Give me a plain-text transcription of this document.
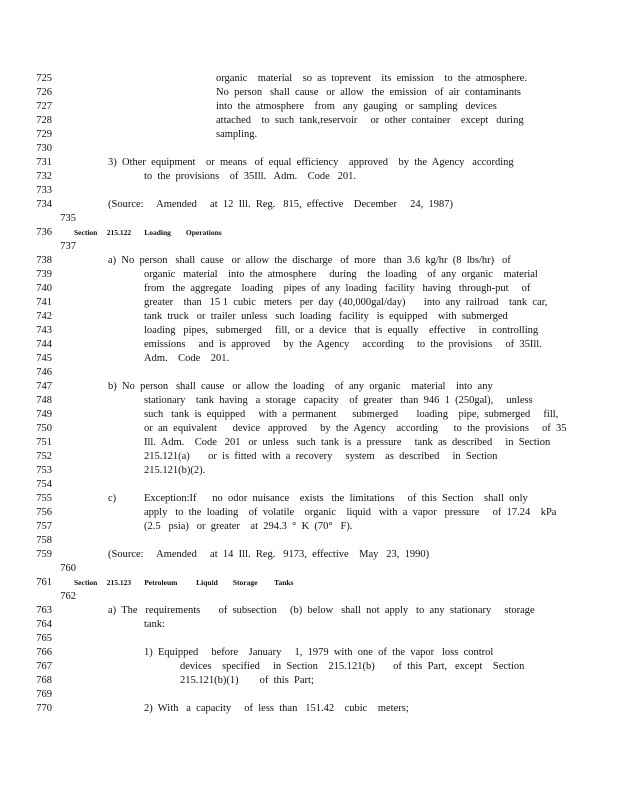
725	organic    material    so  as  toprevent    its  emission    to  the  atmosphere.
726	No  person   shall  cause   or  allow   the  emission   of  air  contaminants
727	into  the  atmosphere    from   any  gauging   or  sampling   devices
728	attached    to  such  tank,reservoir     or  other  container    except   during
729	sampling.
730
731	3)  Other  equipment    or  means   of  equal  efficiency    approved    by  the  Agency   according
732	to  the  provisions    of  35Ill.   Adm.    Code   201.
733
734	(Source:     Amended     at  12  Ill.  Reg.   815,  effective    December     24,  1987)
735
736	Section     215.122       Loading        Operations
737
738	a)  No  person   shall  cause   or  allow  the  discharge   of  more   than  3.6  kg/hr  (8  lbs/hr)   of
739	organic   material    into  the  atmosphere     during    the  loading    of  any  organic    material
740	from   the  aggregate    loading    pipes  of  any  loading   facility   having   through-put     of
741	greater    than   15 1  cubic   meters   per  day  (40,000gal/day)       into  any  railroad    tank  car,
742	tank  truck   or  trailer  unless   such  loading   facility   is  equipped    with  submerged
743	loading   pipes,   submerged     fill,  or  a  device   that  is  equally    effective     in  controlling
744	emissions     and  is  approved     by  the  Agency     according     to  the  provisions     of  35Ill.
745	Adm.    Code    201.
746
747	b)  No  person   shall  cause   or  allow  the  loading    of  any  organic    material    into  any
748	stationary    tank  having   a  storage   capacity    of  greater   than  946  1  (250gal),     unless
749	such   tank  is  equipped     with  a  permanent      submerged       loading    pipe,  submerged     fill,
750	or  an  equivalent      device   approved     by  the  Agency    according      to  the  provisions     of  35
751	Ill.  Adm.    Code   201   or  unless   such  tank  is  a  pressure     tank  as  described     in  Section
752	215.121(a)       or  is  fitted  with  a  recovery     system    as  described     in  Section
753	215.121(b)(2).
754
755	c)	Exception:If      no  odor  nuisance    exists   the  limitations     of  this  Section    shall  only
756	apply   to  the  loading    of  volatile    organic    liquid   with  a  vapor   pressure     of  17.24    kPa
757	(2.5   psia)   or  greater    at  294.3  °  K  (70°   F).
758
759	(Source:     Amended     at  14  Ill.  Reg.   9173,  effective    May   23,  1990)
760
761	Section     215.123       Petroleum          Liquid        Storage         Tanks
762
763	a)  The   requirements       of  subsection     (b)  below   shall  not  apply   to  any  stationary     storage
764	tank:
765
766	1)  Equipped     before    January     1,  1979  with  one  of  the  vapor   loss  control
767	devices    specified     in  Section    215.121(b)       of  this  Part,   except    Section
768	215.121(b)(1)        of  this  Part;
769
770	2)  With   a  capacity     of  less  than   151.42    cubic    meters;
